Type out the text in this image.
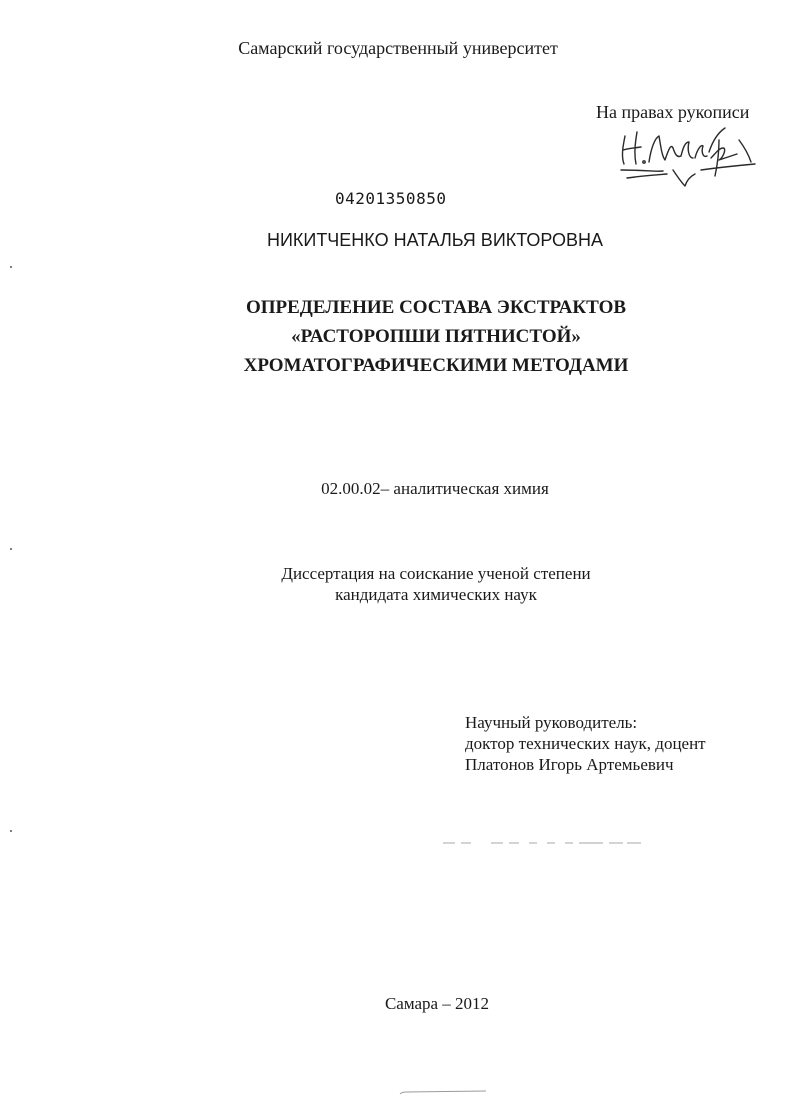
Самарский государственный университет
На правах рукописи
04201350850
НИКИТЧЕНКО НАТАЛЬЯ ВИКТОРОВНА
ОПРЕДЕЛЕНИЕ СОСТАВА ЭКСТРАКТОВ
«РАСТОРОПШИ ПЯТНИСТОЙ»
ХРОМАТОГРАФИЧЕСКИМИ МЕТОДАМИ
02.00.02– аналитическая химия
Диссертация на соискание ученой степени
кандидата химических наук
Научный руководитель:
доктор технических наук, доцент
Платонов Игорь Артемьевич
Самара – 2012
